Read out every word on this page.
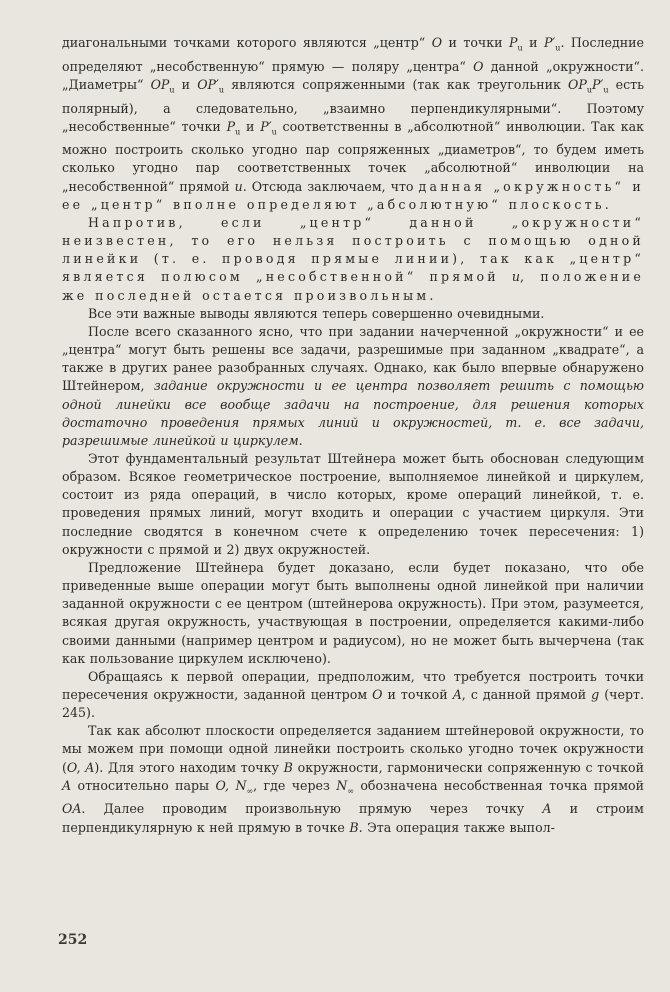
диагональными точками которого являются „центр“ O и точки $P_u$ и $P'_u$. Последние определяют „несобственную“ прямую — поляру „центра“ O данной „окружности“. „Диаметры“ $OP_u$ и $OP'_u$ являются сопряженными (так как треугольник $OP_uP'_u$ есть полярный), а следовательно, „взаимно перпендикулярными“. Поэтому „несобственные“ точки $P_u$ и $P'_u$ соответственны в „абсолютной“ инволюции. Так как можно построить сколько угодно пар сопряженных „диаметров“, то будем иметь сколько угодно пар соответственных точек „абсолютной“ инволюции на „несобственной“ прямой u. Отсюда заключаем, что данная „окружность“ и ее „центр“ вполне определяют „абсолютную“ плоскость.

Напротив, если „центр“ данной „окружности“ неизвестен, то его нельзя построить с помощью одной линейки (т. е. проводя прямые линии), так как „центр“ является полюсом „несобственной“ прямой u, положение же последней остается произвольным.

Все эти важные выводы являются теперь совершенно очевидными.

После всего сказанного ясно, что при задании начерченной „окружности“ и ее „центра“ могут быть решены все задачи, разрешимые при заданном „квадрате“, а также в других ранее разобранных случаях. Однако, как было впервые обнаружено Штейнером, задание окружности и ее центра позволяет решить с помощью одной линейки все вообще задачи на построение, для решения которых достаточно проведения прямых линий и окружностей, т. е. все задачи, разрешимые линейкой и циркулем.

Этот фундаментальный результат Штейнера может быть обоснован следующим образом. Всякое геометрическое построение, выполняемое линейкой и циркулем, состоит из ряда операций, в число которых, кроме операций линейкой, т. е. проведения прямых линий, могут входить и операции с участием циркуля. Эти последние сводятся в конечном счете к определению точек пересечения: 1) окружности с прямой и 2) двух окружностей.

Предложение Штейнера будет доказано, если будет показано, что обе приведенные выше операции могут быть выполнены одной линейкой при наличии заданной окружности с ее центром (штейнерова окружность). При этом, разумеется, всякая другая окружность, участвующая в построении, определяется какими-либо своими данными (например центром и радиусом), но не может быть вычерчена (так как пользование циркулем исключено).

Обращаясь к первой операции, предположим, что требуется построить точки пересечения окружности, заданной центром O и точкой A, с данной прямой g (черт. 245).

Так как абсолют плоскости определяется заданием штейнеровой окружности, то мы можем при помощи одной линейки построить сколько угодно точек окружности (O, A). Для этого находим точку B окружности, гармонически сопряженную с точкой A относительно пары O, $N_\infty$, где через $N_\infty$ обозначена несобственная точка прямой OA. Далее проводим произвольную прямую через точку A и строим перпендикулярную к ней прямую в точке B. Эта операция также выпол-

252
